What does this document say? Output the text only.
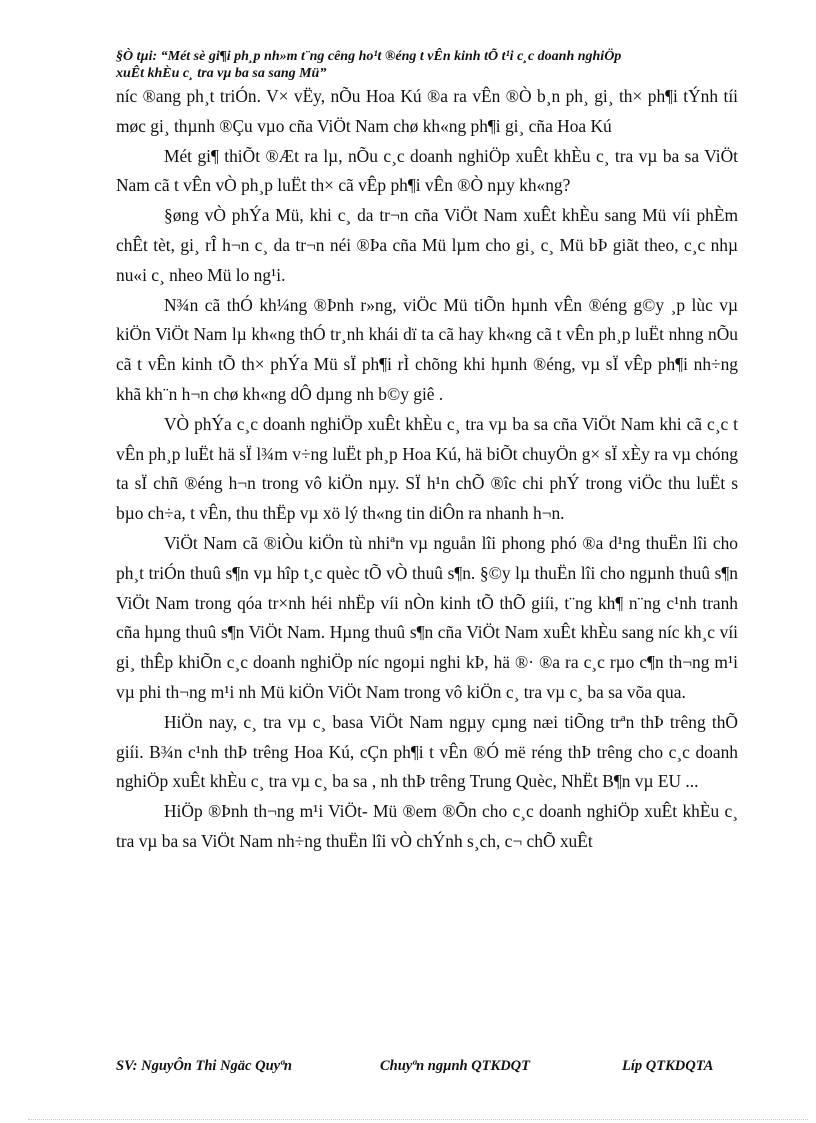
§Ò tµi: “Mét sè gi¶i ph¸p nh»m t¨ng cêng ho¹t ®éng t vÊn kinh tÕ t¹i c¸c doanh nghiÖp
xuÊt khÈu c¸ tra vµ ba sa sang Mü”

níc ®ang ph¸t triÓn. V× vËy, nÕu Hoa Kú ®a ra vÊn ®Ò b¸n ph¸ gi¸ th× ph¶i tÝnh tíi møc gi¸ thµnh ®Çu vµo cña ViÖt Nam chø kh«ng ph¶i gi¸ cña Hoa Kú

Mét gi¶ thiÕt ®Æt ra lµ, nÕu c¸c doanh nghiÖp xuÊt khÈu c¸ tra vµ ba sa ViÖt Nam cã t vÊn vÒ ph¸p luËt th× cã vÊp ph¶i vÊn ®Ò nµy kh«ng?

§øng vÒ phÝa Mü, khi c¸ da tr¬n cña ViÖt Nam xuÊt khÈu sang Mü víi phÈm chÊt tèt, gi¸ rÎ h¬n c¸ da tr¬n néi ®Þa cña Mü lµm cho gi¸ c¸ Mü bÞ giãt theo, c¸c nhµ nu«i c¸ nheo Mü lo ng¹i.

N¾n cã thÓ kh¼ng ®Þnh r»ng, viÖc Mü tiÕn hµnh vÊn ®éng g©y ¸p lùc vµ kiÖn ViÖt Nam lµ kh«ng thÓ tr¸nh khái dï ta cã hay kh«ng cã t vÊn ph¸p luËt nhng nÕu cã t vÊn kinh tÕ th× phÝa Mü sÏ ph¶i rÌ chõng khi hµnh ®éng, vµ sÏ vÊp ph¶i nh÷ng khã kh¨n h¬n chø kh«ng dÔ dµng nh b©y giê .

VÒ phÝa c¸c doanh nghiÖp xuÊt khÈu c¸ tra vµ ba sa cña ViÖt Nam khi cã c¸c t vÊn ph¸p luËt hä sÏ l¾m v÷ng luËt ph¸p Hoa Kú, hä biÕt chuyÖn g× sÏ xÈy ra vµ chóng ta sÏ chñ ®éng h¬n trong vô kiÖn nµy. SÏ h¹n chÕ ®îc chi phÝ trong viÖc thu luËt s bµo ch÷a, t vÊn, thu thËp vµ xö lý th«ng tin diÔn ra nhanh h¬n.

ViÖt Nam cã ®iÒu kiÖn tù nhiªn vµ nguån lîi phong phó ®a d¹ng thuËn lîi cho ph¸t triÓn thuû s¶n vµ hîp t¸c quèc tÕ vÒ thuû s¶n. §©y lµ thuËn lîi cho ngµnh thuû s¶n ViÖt Nam trong qóa tr×nh héi nhËp víi nÒn kinh tÕ thÕ giíi, t¨ng kh¶ n¨ng c¹nh tranh cña hµng thuû s¶n ViÖt Nam. Hµng thuû s¶n cña ViÖt Nam xuÊt khÈu sang níc kh¸c víi gi¸ thÊp khiÕn c¸c doanh nghiÖp níc ngoµi nghi kÞ, hä ®· ®a ra c¸c rµo c¶n th¬ng m¹i vµ phi th¬ng m¹i nh Mü kiÖn ViÖt Nam trong vô kiÖn c¸ tra vµ c¸ ba sa võa qua.

HiÖn nay, c¸ tra vµ c¸ basa ViÖt Nam ngµy cµng næi tiÕng trªn thÞ trêng thÕ giíi. B¾n c¹nh thÞ trêng Hoa Kú, cÇn ph¶i t vÊn ®Ó më réng thÞ trêng cho c¸c doanh nghiÖp xuÊt khÈu c¸ tra vµ c¸ ba sa , nh thÞ trêng Trung Quèc, NhËt B¶n vµ EU ...

HiÖp ®Þnh th¬ng m¹i ViÖt- Mü ®em ®Õn cho c¸c doanh nghiÖp xuÊt khÈu c¸ tra vµ ba sa ViÖt Nam nh÷ng thuËn lîi vÒ chÝnh s¸ch, c¬ chÕ xuÊt

SV: NguyÔn Thi Ngäc Quyªn	Chuyªn ngµnh QTKDQT	Líp QTKDQTA
